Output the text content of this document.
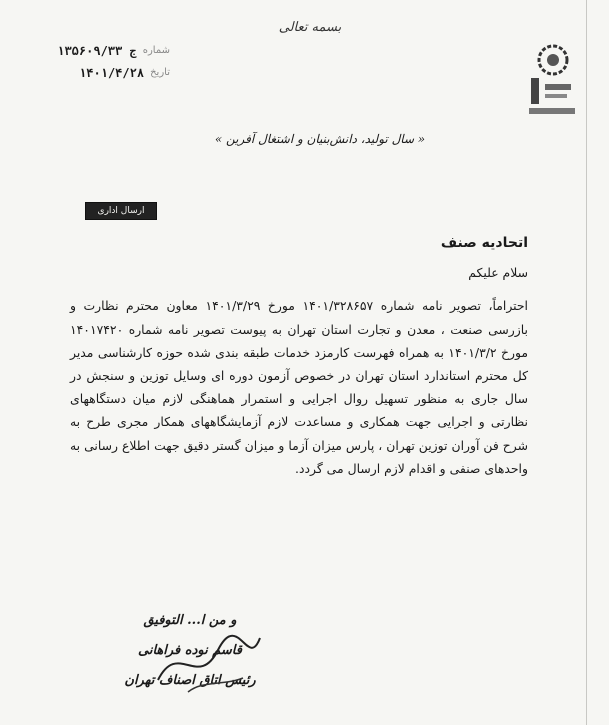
بسمه تعالی
شماره
۱۳۵۶۰۹/۳۳ ج
تاریخ
۱۴۰۱/۴/۲۸
« سال تولید، دانش‌بنیان و اشتغال آفرین »
ارسال اداری

اتحادیه صنف

سلام علیکم

احتراماً، تصویر نامه شماره ۱۴۰۱/۳۲۸۶۵۷ مورخ ۱۴۰۱/۳/۲۹ معاون محترم نظارت و بازرسی صنعت ، معدن و تجارت استان تهران به پیوست تصویر نامه شماره ۱۴۰۱۷۴۲۰ مورخ ۱۴۰۱/۳/۲ به همراه فهرست کارمزد خدمات طبقه بندی شده حوزه کارشناسی مدیر کل محترم استاندارد استان تهران در خصوص آزمون دوره ای وسایل توزین و سنجش در سال جاری به منظور تسهیل روال اجرایی و استمرار هماهنگی لازم میان دستگاههای نظارتی و اجرایی جهت همکاری و مساعدت لازم آزمایشگاههای همکار مجری طرح به شرح فن آوران توزین تهران ، پارس میزان آزما و میزان گستر دقیق جهت اطلاع رسانی به واحدهای صنفی و اقدام لازم ارسال می گردد.

و من ا... التوفیق
قاسم نوده فراهانی
رئیس اتاق اصناف تهران
